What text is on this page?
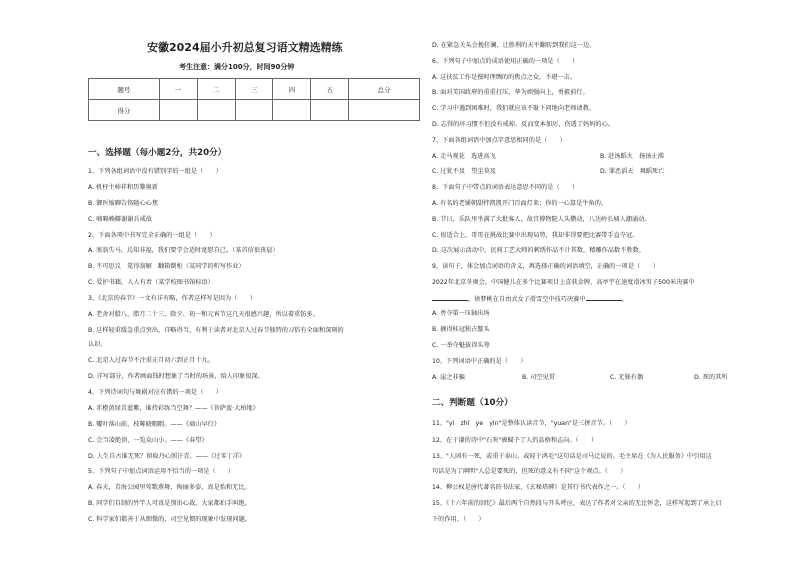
安徽2024届小升初总复习语文精选精练
考生注意：满分100分，时间90分钟
题号	一	二	三	四	五	总分
得分						
一、选择题（每小题2分，共20分）
1、下列各组词语中没有错别字的一组是（　　）
A. 机杼主棹祥和历黎奥新
B. 御医缩聊告恪随心心焦
C. 嘀嗝赖僻谢谢兵戒故
2、下面各项中书写完全正确的一组是（　　）
A. 塞翁失马，焉知非福，我们要学会适时宽慰自己。（某首信很丧晨）
B. 不可思议　笕得翁解　翻箱倒柜（某同学的听写作业）
C. 爱护书籍，人人有责（某学校图书馆标语）
3、《北京的春节》一文有详有略，作者这样写是因为（　　）
A. 老舍对腊八、腊月二十三、除夕、初一和元宵节这几天很感兴趣，所以着重钫多。
B. 这样轻重缓急重点突出，详略得当，有利于读者对北京人过春节独特的习俗有全面和深刻的
认识。
C. 北京人过春节不注重正月初六到正月十九。
D. 详写部分，作者画面钱时想象了当时的场景，给人印象很深。
4、下列诗词句与舞剧对应有错的一项是（　　）
A. 赤橙黄绿青蓝紫，谁持彩练当空舞？——《菩萨蛮·大柏地》
B. 瓣叶落山前，枝啄晓暇暇。——《商山早行》
C. 会当凌绝顶，一览众山小。——《春望》
D. 人生自古谁无死？留取丹心照汗青。——《过零丁洋》
5、下列句子中加点词语运用不恰当的一项是（　　）
A. 春天，青海公园里莺歌燕舞，绚丽多姿，真是怡和无比。
B. 同学们自制的竹竿人可真是别出心裁，大家都拍手叫绝。
C. 科学家们都善于从细微的、司空见惯的现象中发现问题。
D. 在紧急关头会挽狂澜，让胜利的天平翻转到我们这一边。
6、下列句子中加点的成语使用正确的一项是（　　）
A. 这扶贫工作是慢时理绸的的焦点之众，不堪一击。
B. 面对美国政府的重重打压，华为顽强向上，勇毅前行。
C. 学习中遇到困难时，我们就应该不耻下问地向老师请教。
D. 志得的坏习惯不但没有戒掉，反而变本加厉，伤透了妈妈的心。
7、下面各组词语中加点字意思相同的是（　　）
A. 走马观花　选进高飞	B. 赴汤蹈火　扬汤止沸
C. 过犹不及　望尘莫及	D. 罪恶滔天　舞蹈死亡
8、下面句子中带点的词语表达意思不同的是（　　）
A. 有名的老铺朝甜拌凯凯开门百面灯来；你的一心算是牛角的。
B. 节日，乐队里坐满了大批客人，故宫博物院人头攒动，八达岭长城人潮涌动。
C. 很适合上，哥哥在挑战比赛中出现局势，我却非得要把比赛带手直夺冠。
D. 这次展示活动中，民间工艺大师的刺绣作品不计其数，精雕作品数不胜数。
9、读句子，体会加点词语的含义，再选择正确的词语填空，正确的一项是（　　）
2022年北京冬奥会，中国健儿在多个比赛项目上喜获金牌，高亭宇在速度滑冰男子500米决赛中
，徐梦桃在自由式女子滑雪空中技巧决赛中	。
A. 勇夺第一压轴出场
B. 摘得桂冠独占鳌头
C. 一举夺魁拔得头筹
10、下列词语中正确的是（　　）
A. 崖之非骗	B. 司空见贯	C. 无独有偶	D. 死的其所
二、判断题（10分）
11、"yì　zhǐ　ye　yìn"是整体认读音节，"yuan"是三拼音节。（　　）
12、在于谦的诗中"石灰"被赋予了人的品格和志向。（　　）
13、"人固有一死，或重于泰山，或轻于鸿毛"这句话是司马迁说的。毛主席在《为人民服务》中引用这
句话是为了阐明"人总是要死的，但死的意义有不同"这个观点。（　　）
14、柳公权是唐代著名的书法家，《玄秘塔碑》是其行书代表作之一。（　　）
15、《十六年前的回忆》最后两个自然段与开头呼应，表达了作者对父亲的无比怀念，这样写起到了承上启
下的作用。（　　）
